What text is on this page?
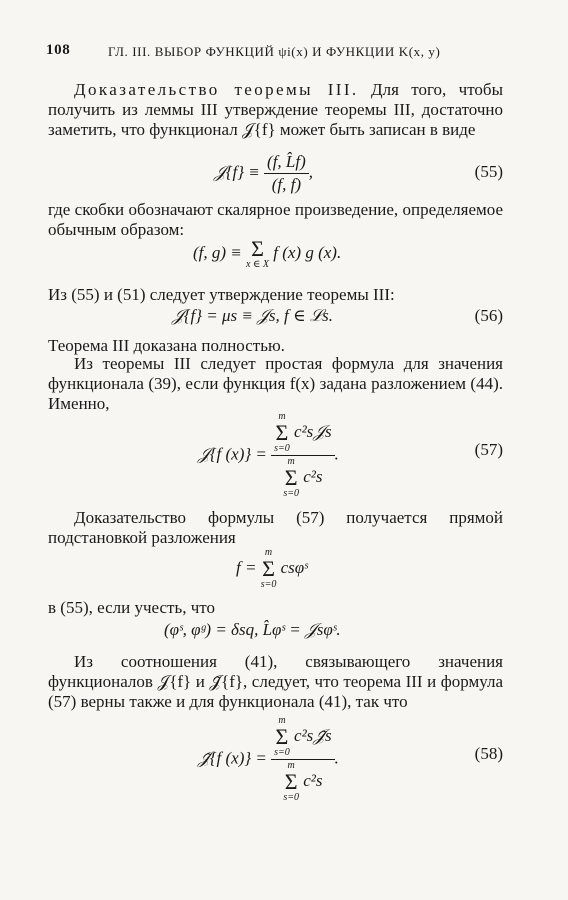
108	ГЛ. III. ВЫБОР ФУНКЦИЙ ψi(x) И ФУНКЦИИ K(x, y)
Доказательство теоремы III. Для того, чтобы получить из леммы III утверждение теоремы III, достаточно заметить, что функционал 𝒥{f} может быть записан в виде
𝒥{f} ≡ $\frac{(f, L̂f)}{(f, f)}$ ,	(55)
где скобки обозначают скалярное произведение, определяемое обычным образом:
(f, g) ≡ Σ
x ∈ X
f (x) g (x).
Из (55) и (51) следует утверждение теоремы III:
𝒥{f} = μs ≡ 𝒥s, f ∈ ℒs.	(56)
Теорема III доказана полностью.
Из теоремы III следует простая формула для значения функционала (39), если функция f(x) задана разложением (44). Именно,
𝒥{f (x)} = m
Σ
s=0
c²s𝒥s
m
Σ
s=0
c²s .	(57)
Доказательство формулы (57) получается прямой подстановкой разложения
f =
m
Σ
s=0
csφˢ
в (55), если учесть, что
(φˢ, φᵍ) = δsq, L̂φˢ = 𝒥sφˢ.
Из соотношения (41), связывающего значения функционалов 𝒥{f} и 𝒥̃{f}, следует, что теорема III и формула (57) верны также и для функционала (41), так что
𝒥̃{f (x)} = m
Σ
s=0
c²s𝒥̃s
m
Σ
s=0
c²s .	(58)
